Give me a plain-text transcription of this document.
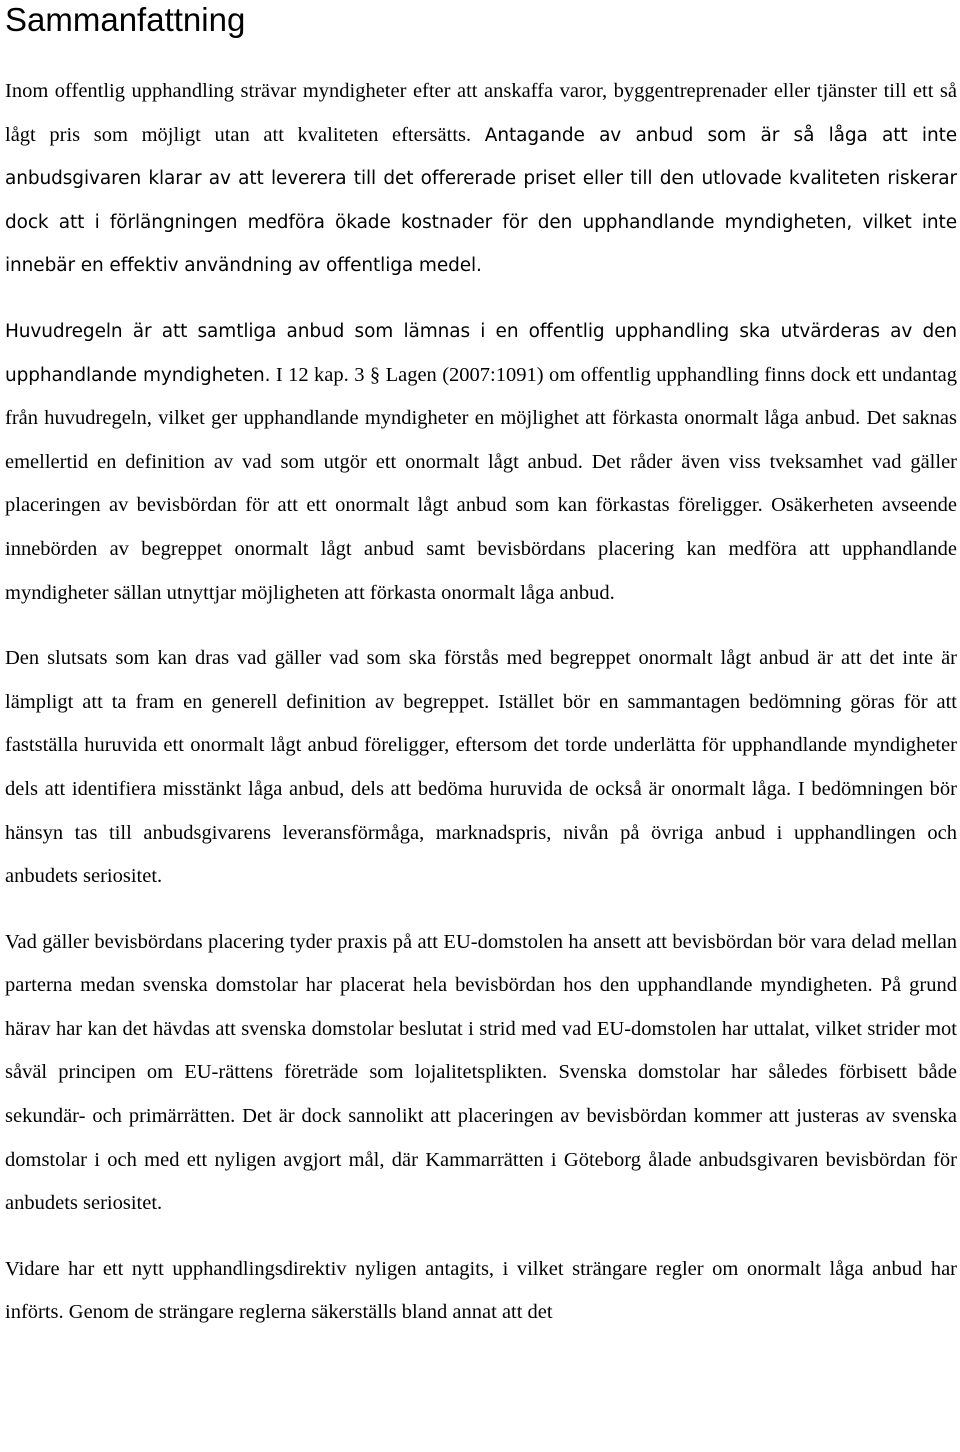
Sammanfattning

Inom offentlig upphandling strävar myndigheter efter att anskaffa varor, byggentreprenader eller tjänster till ett så lågt pris som möjligt utan att kvaliteten eftersätts. Antagande av anbud som är så låga att inte anbudsgivaren klarar av att leverera till det offererade priset eller till den utlovade kvaliteten riskerar dock att i förlängningen medföra ökade kostnader för den upphandlande myndigheten, vilket inte innebär en effektiv användning av offentliga medel.

Huvudregeln är att samtliga anbud som lämnas i en offentlig upphandling ska utvärderas av den upphandlande myndigheten. I 12 kap. 3 § Lagen (2007:1091) om offentlig upphandling finns dock ett undantag från huvudregeln, vilket ger upphandlande myndigheter en möjlighet att förkasta onormalt låga anbud. Det saknas emellertid en definition av vad som utgör ett onormalt lågt anbud. Det råder även viss tveksamhet vad gäller placeringen av bevisbördan för att ett onormalt lågt anbud som kan förkastas föreligger. Osäkerheten avseende innebörden av begreppet onormalt lågt anbud samt bevisbördans placering kan medföra att upphandlande myndigheter sällan utnyttjar möjligheten att förkasta onormalt låga anbud.

Den slutsats som kan dras vad gäller vad som ska förstås med begreppet onormalt lågt anbud är att det inte är lämpligt att ta fram en generell definition av begreppet. Istället bör en sammantagen bedömning göras för att fastställa huruvida ett onormalt lågt anbud föreligger, eftersom det torde underlätta för upphandlande myndigheter dels att identifiera misstänkt låga anbud, dels att bedöma huruvida de också är onormalt låga. I bedömningen bör hänsyn tas till anbudsgivarens leveransförmåga, marknadspris, nivån på övriga anbud i upphandlingen och anbudets seriositet.

Vad gäller bevisbördans placering tyder praxis på att EU-domstolen ha ansett att bevisbördan bör vara delad mellan parterna medan svenska domstolar har placerat hela bevisbördan hos den upphandlande myndigheten. På grund härav har kan det hävdas att svenska domstolar beslutat i strid med vad EU-domstolen har uttalat, vilket strider mot såväl principen om EU-rättens företräde som lojalitetsplikten. Svenska domstolar har således förbisett både sekundär- och primärrätten. Det är dock sannolikt att placeringen av bevisbördan kommer att justeras av svenska domstolar i och med ett nyligen avgjort mål, där Kammarrätten i Göteborg ålade anbudsgivaren bevisbördan för anbudets seriositet.

Vidare har ett nytt upphandlingsdirektiv nyligen antagits, i vilket strängare regler om onormalt låga anbud har införts. Genom de strängare reglerna säkerställs bland annat att det
